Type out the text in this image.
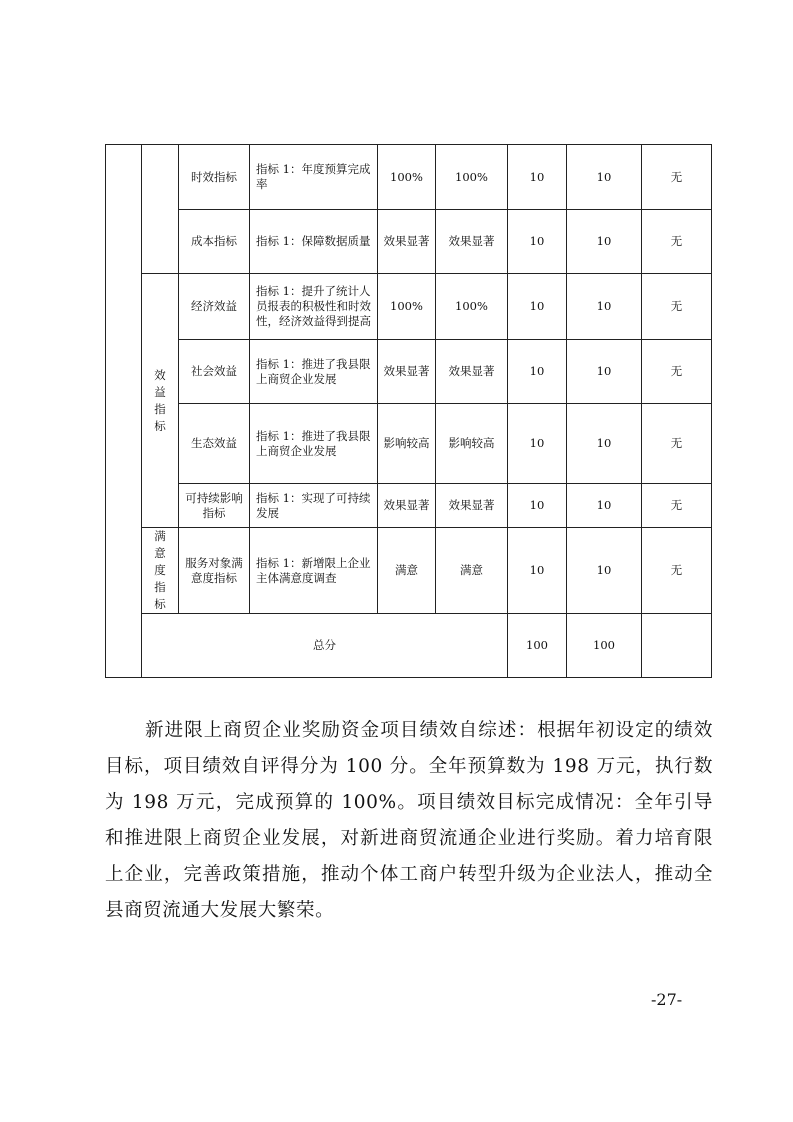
		时效指标	指标 1：年度预算完成率	100%	100%	10	10	无
		成本指标	指标 1：保障数据质量	效果显著	效果显著	10	10	无

	效益指标	经济效益	指标 1：提升了统计人员报表的积极性和时效性，经济效益得到提高	100%	100%	10	10	无
		社会效益	指标 1：推进了我县限上商贸企业发展	效果显著	效果显著	10	10	无
		生态效益	指标 1：推进了我县限上商贸企业发展	影响较高	影响较高	10	10	无
		可持续影响指标	指标 1：实现了可持续发展	效果显著	效果显著	10	10	无

	满意度指标	服务对象满意度指标	指标 1：新增限上企业主体满意度调查	满意	满意	10	10	无
	总分					100	100	
新进限上商贸企业奖励资金项目绩效自综述：根据年初设定的绩效目标，项目绩效自评得分为 100 分。全年预算数为 198 万元，执行数为 198 万元，完成预算的 100%。项目绩效目标完成情况：全年引导和推进限上商贸企业发展，对新进商贸流通企业进行奖励。着力培育限上企业，完善政策措施，推动个体工商户转型升级为企业法人，推动全县商贸流通大发展大繁荣。
-27-
